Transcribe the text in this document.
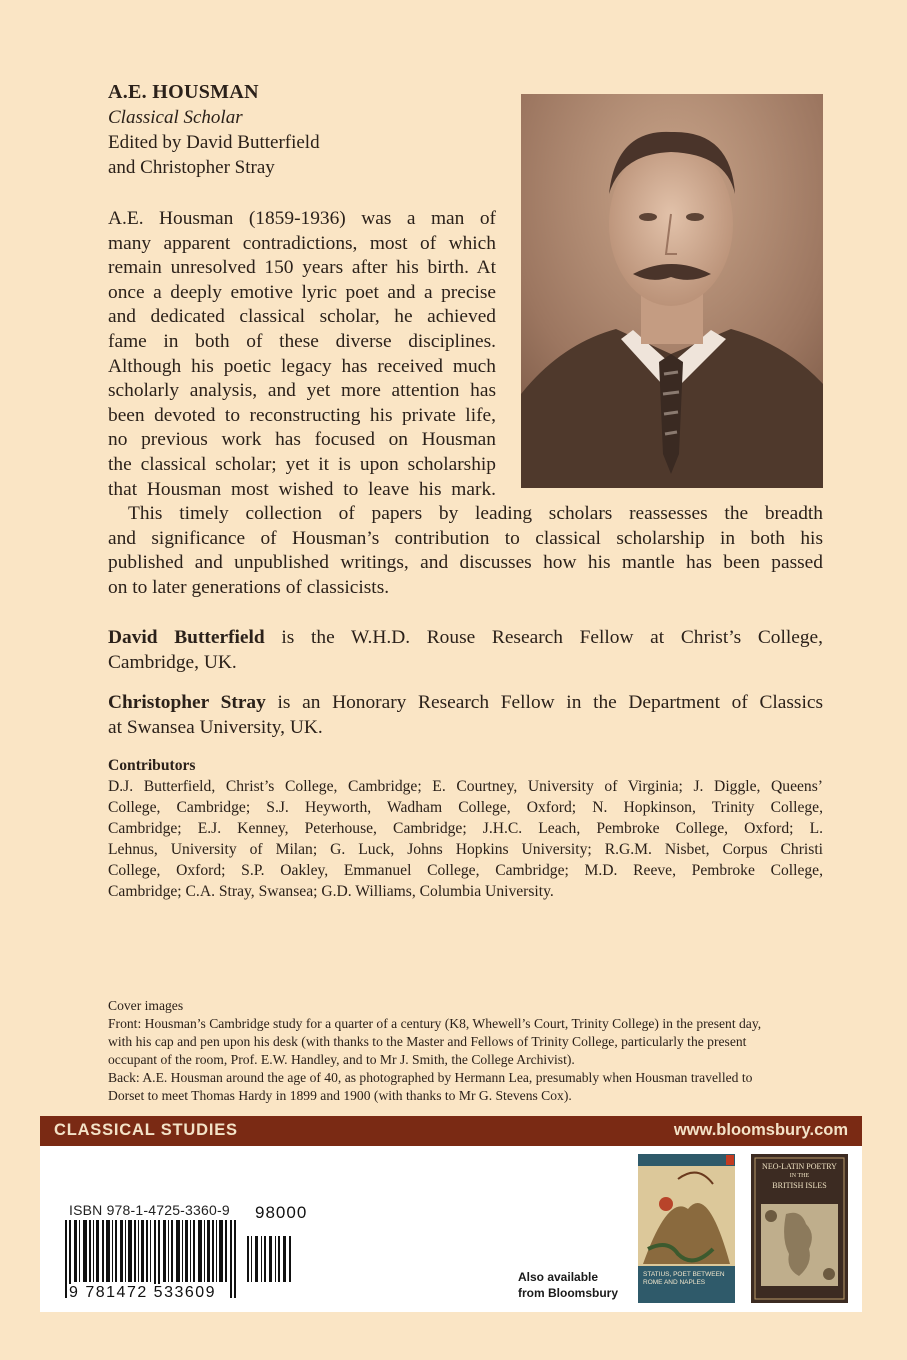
A.E. HOUSMAN
Classical Scholar
Edited by David Butterfield
and Christopher Stray
A.E. Housman (1859-1936) was a man of
many apparent contradictions, most of which
remain unresolved 150 years after his birth. At
once a deeply emotive lyric poet and a precise
and dedicated classical scholar, he achieved
fame in both of these diverse disciplines.
Although his poetic legacy has received much
scholarly analysis, and yet more attention has
been devoted to reconstructing his private life,
no previous work has focused on Housman
the classical scholar; yet it is upon scholarship
that Housman most wished to leave his mark.
This timely collection of papers by leading scholars reassesses the breadth
and significance of Housman’s contribution to classical scholarship in both his
published and unpublished writings, and discusses how his mantle has been passed
on to later generations of classicists.
David Butterfield is the W.H.D. Rouse Research Fellow at Christ’s College,
Cambridge, UK.
Christopher Stray is an Honorary Research Fellow in the Department of Classics
at Swansea University, UK.
Contributors
D.J. Butterfield, Christ’s College, Cambridge; E. Courtney, University of Virginia; J. Diggle, Queens’
College, Cambridge; S.J. Heyworth, Wadham College, Oxford; N. Hopkinson, Trinity College,
Cambridge; E.J. Kenney, Peterhouse, Cambridge; J.H.C. Leach, Pembroke College, Oxford; L.
Lehnus, University of Milan; G. Luck, Johns Hopkins University; R.G.M. Nisbet, Corpus Christi
College, Oxford; S.P. Oakley, Emmanuel College, Cambridge; M.D. Reeve, Pembroke College,
Cambridge; C.A. Stray, Swansea; G.D. Williams, Columbia University.
Cover images
Front: Housman’s Cambridge study for a quarter of a century (K8, Whewell’s Court, Trinity College) in the present day,
with his cap and pen upon his desk (with thanks to the Master and Fellows of Trinity College, particularly the present
occupant of the room, Prof. E.W. Handley, and to Mr J. Smith, the College Archivist).
Back: A.E. Housman around the age of 40, as photographed by Hermann Lea, presumably when Housman travelled to
Dorset to meet Thomas Hardy in 1899 and 1900 (with thanks to Mr G. Stevens Cox).
CLASSICAL STUDIES	www.bloomsbury.com
ISBN 978-1-4725-3360-9 98000
9 781472 533609
Also available
from Bloomsbury
STATIUS, POET BETWEEN
ROME AND NAPLES
NEO-LATIN POETRY
IN THE
BRITISH ISLES
